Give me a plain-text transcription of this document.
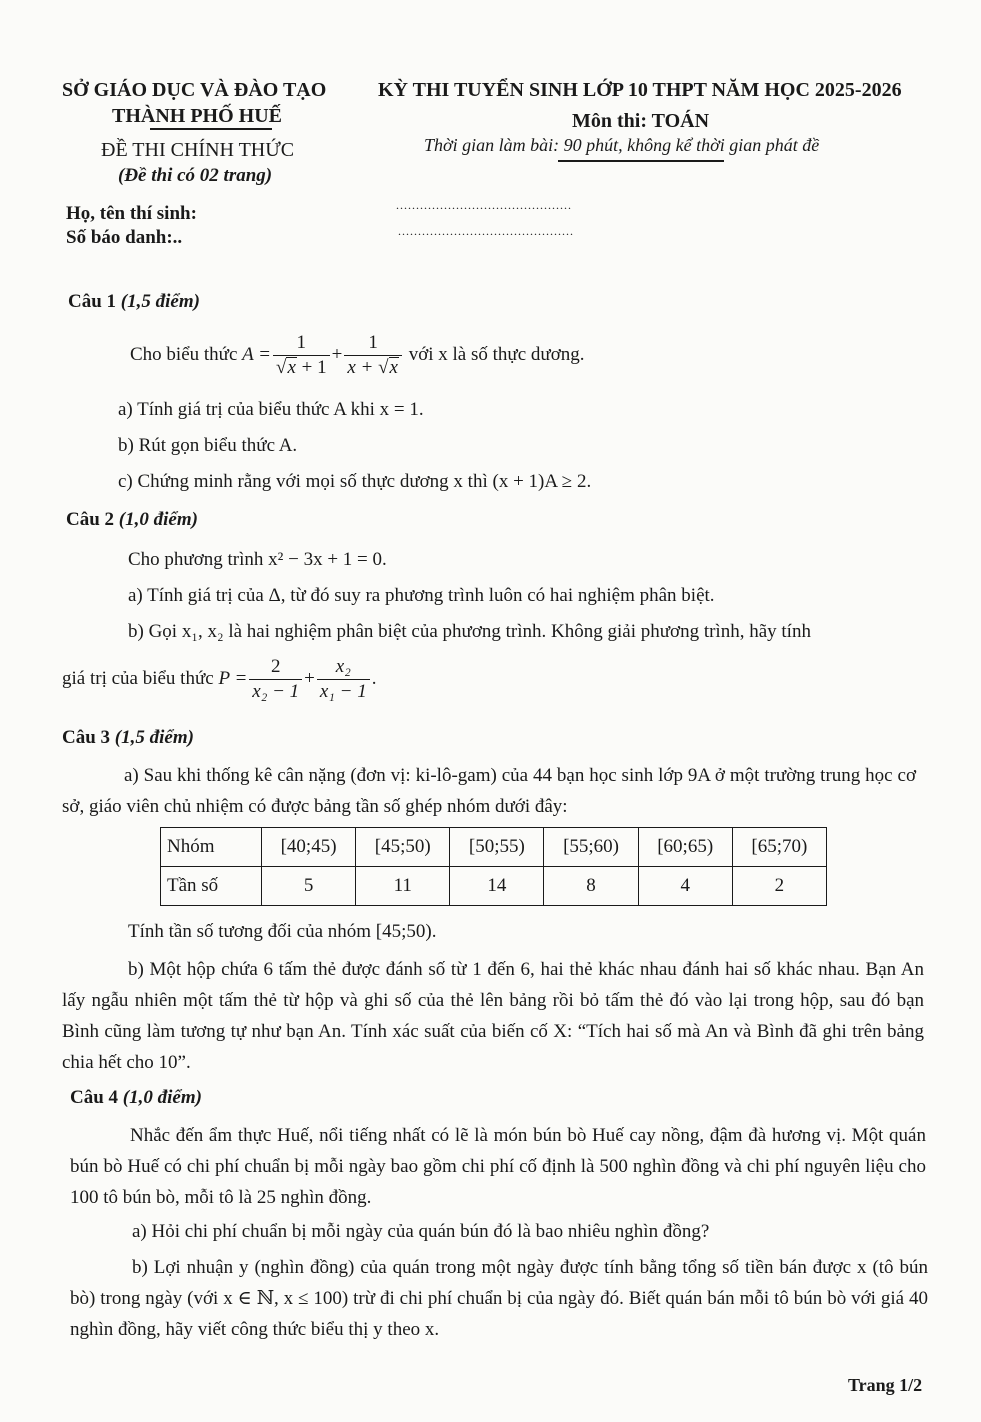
SỞ GIÁO DỤC VÀ ĐÀO TẠO
THÀNH PHỐ HUẾ
ĐỀ THI CHÍNH THỨC
(Đề thi có 02 trang)
KỲ THI TUYỂN SINH LỚP 10 THPT NĂM HỌC 2025-2026
Môn thi: TOÁN
Thời gian làm bài: 90 phút, không kể thời gian phát đề
Họ, tên thí sinh:	............................................
Số báo danh:..	............................................
Câu 1 (1,5 điểm)
Cho biểu thức
$A = \frac{1}{√x + 1} + \frac{1}{x + √x}$
với x là số thực dương.
a) Tính giá trị của biểu thức A khi x = 1.
b) Rút gọn biểu thức A.
c) Chứng minh rằng với mọi số thực dương x thì (x + 1)A ≥ 2.
Câu 2 (1,0 điểm)
Cho phương trình x² − 3x + 1 = 0.
a) Tính giá trị của Δ, từ đó suy ra phương trình luôn có hai nghiệm phân biệt.
b) Gọi x₁, x₂ là hai nghiệm phân biệt của phương trình. Không giải phương trình, hãy tính
giá trị của biểu thức
$P = \frac{2}{\text{x₂ − 1}} + \frac{\text{x₂}}{\text{x₁ − 1}}$ .
Câu 3 (1,5 điểm)
a) Sau khi thống kê cân nặng (đơn vị: ki-lô-gam) của 44 bạn học sinh lớp 9A ở một trường trung học cơ sở, giáo viên chủ nhiệm có được bảng tần số ghép nhóm dưới đây:
Nhóm	[40;45)	[45;50)	[50;55)	[55;60)	[60;65)	[65;70)
Tần số	5	11	14	8	4	2
Tính tần số tương đối của nhóm [45;50).
b) Một hộp chứa 6 tấm thẻ được đánh số từ 1 đến 6, hai thẻ khác nhau đánh hai số khác nhau. Bạn An lấy ngẫu nhiên một tấm thẻ từ hộp và ghi số của thẻ lên bảng rồi bỏ tấm thẻ đó vào lại trong hộp, sau đó bạn Bình cũng làm tương tự như bạn An. Tính xác suất của biến cố X: “Tích hai số mà An và Bình đã ghi trên bảng chia hết cho 10”.
Câu 4 (1,0 điểm)
Nhắc đến ẩm thực Huế, nổi tiếng nhất có lẽ là món bún bò Huế cay nồng, đậm đà hương vị. Một quán bún bò Huế có chi phí chuẩn bị mỗi ngày bao gồm chi phí cố định là 500 nghìn đồng và chi phí nguyên liệu cho 100 tô bún bò, mỗi tô là 25 nghìn đồng.
a) Hỏi chi phí chuẩn bị mỗi ngày của quán bún đó là bao nhiêu nghìn đồng?
b) Lợi nhuận y (nghìn đồng) của quán trong một ngày được tính bằng tổng số tiền bán được x (tô bún bò) trong ngày (với x ∈ ℕ, x ≤ 100) trừ đi chi phí chuẩn bị của ngày đó. Biết quán bán mỗi tô bún bò với giá 40 nghìn đồng, hãy viết công thức biểu thị y theo x.
Trang 1/2
